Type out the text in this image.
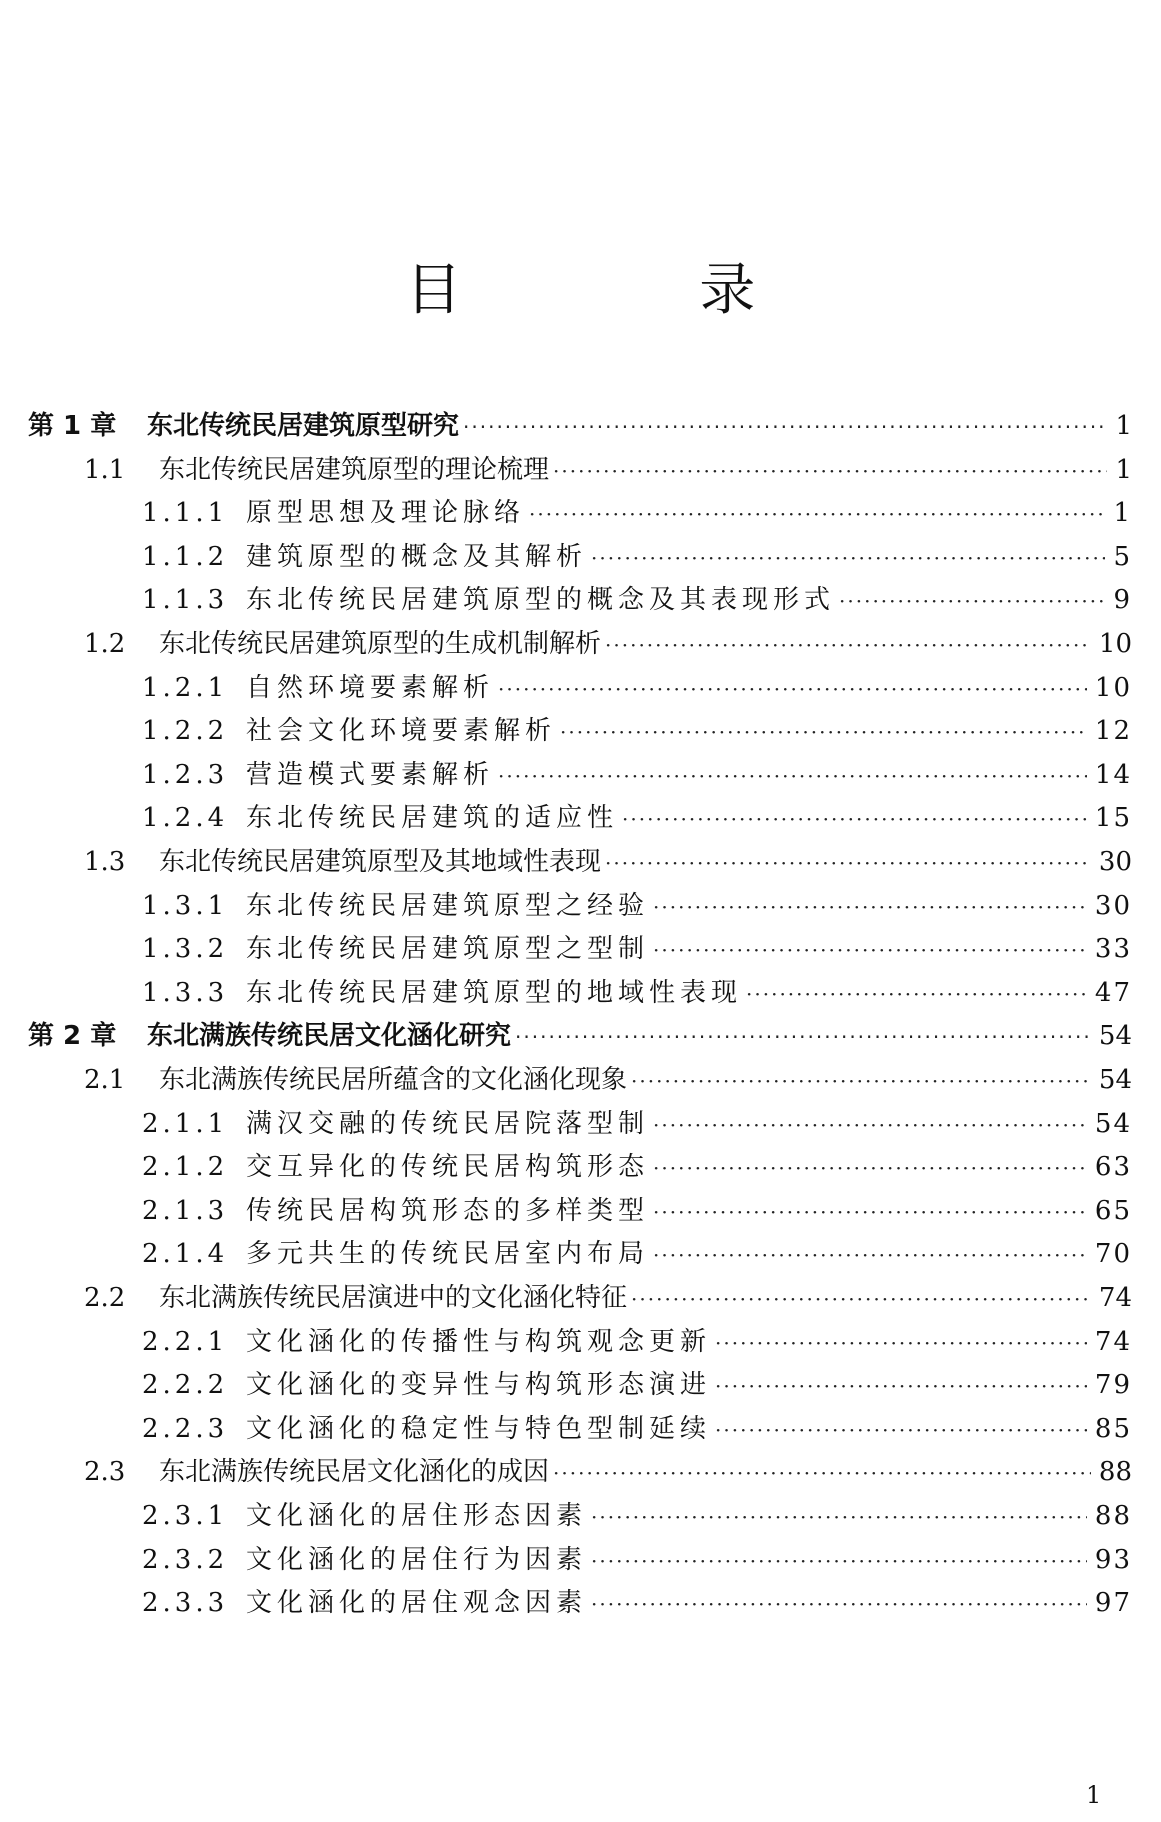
目 录
第 1 章	东北传统民居建筑原型研究 ·····	1
1.1	东北传统民居建筑原型的理论梳理 ·····	1
1.1.1 原型思想及理论脉络 ·····	1
1.1.2 建筑原型的概念及其解析 ·····	5
1.1.3 东北传统民居建筑原型的概念及其表现形式 ·····	9
1.2	东北传统民居建筑原型的生成机制解析 ·····	10
1.2.1 自然环境要素解析 ·····	10
1.2.2 社会文化环境要素解析 ·····	12
1.2.3 营造模式要素解析 ·····	14
1.2.4 东北传统民居建筑的适应性 ·····	15
1.3	东北传统民居建筑原型及其地域性表现 ·····	30
1.3.1 东北传统民居建筑原型之经验 ·····	30
1.3.2 东北传统民居建筑原型之型制 ·····	33
1.3.3 东北传统民居建筑原型的地域性表现 ·····	47
第 2 章	东北满族传统民居文化涵化研究 ·····	54
2.1	东北满族传统民居所蕴含的文化涵化现象 ·····	54
2.1.1 满汉交融的传统民居院落型制 ·····	54
2.1.2 交互异化的传统民居构筑形态 ·····	63
2.1.3 传统民居构筑形态的多样类型 ·····	65
2.1.4 多元共生的传统民居室内布局 ·····	70
2.2	东北满族传统民居演进中的文化涵化特征 ·····	74
2.2.1 文化涵化的传播性与构筑观念更新 ·····	74
2.2.2 文化涵化的变异性与构筑形态演进 ·····	79
2.2.3 文化涵化的稳定性与特色型制延续 ·····	85
2.3	东北满族传统民居文化涵化的成因 ·····	88
2.3.1 文化涵化的居住形态因素 ·····	88
2.3.2 文化涵化的居住行为因素 ·····	93
2.3.3 文化涵化的居住观念因素 ·····	97
1
